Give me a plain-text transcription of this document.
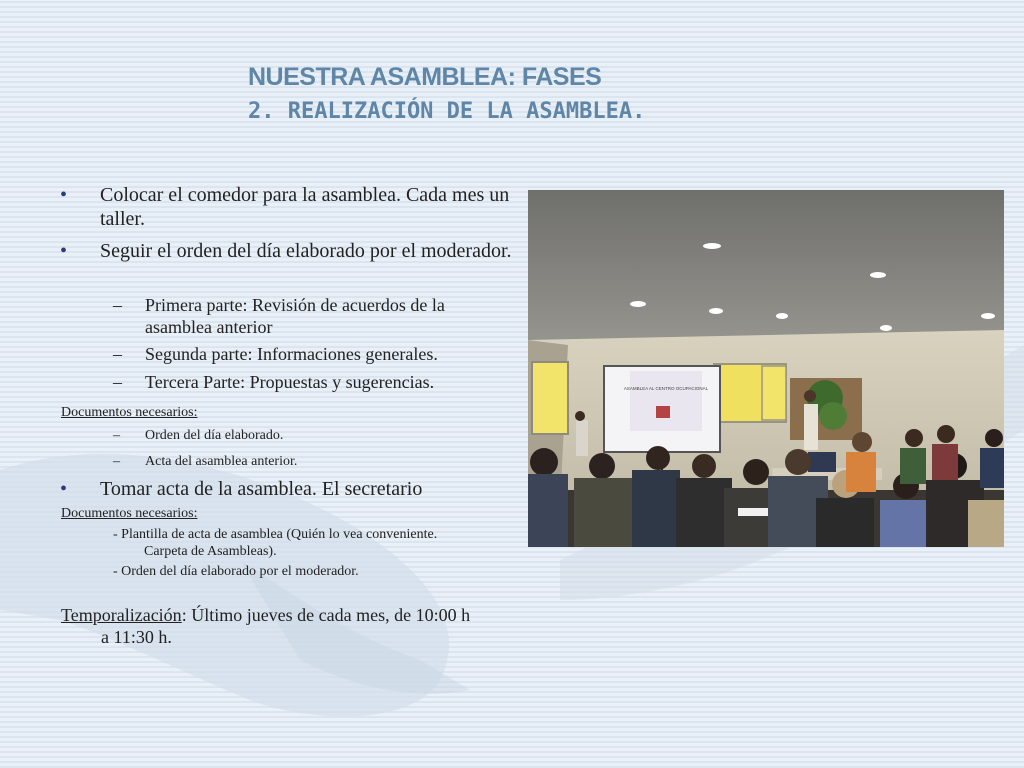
NUESTRA ASAMBLEA: FASES
2. REALIZACIÓN DE LA ASAMBLEA.
• Colocar el comedor para la asamblea. Cada mes un taller.
• Seguir el orden del día elaborado por el moderador.
– Primera parte: Revisión de acuerdos de la asamblea anterior
– Segunda parte: Informaciones generales.
– Tercera Parte: Propuestas y sugerencias.
Documentos necesarios:
– Orden del día elaborado.
– Acta del asamblea anterior.
• Tomar acta de la asamblea. El secretario
Documentos necesarios:
- Plantilla de acta de asamblea (Quién lo vea conveniente.
Carpeta de Asambleas).
- Orden del día elaborado por el moderador.
Temporalización: Último jueves de cada mes, de 10:00 h
a 11:30 h.
ASAMBLEA AL CENTRO OCUPACIONAL
